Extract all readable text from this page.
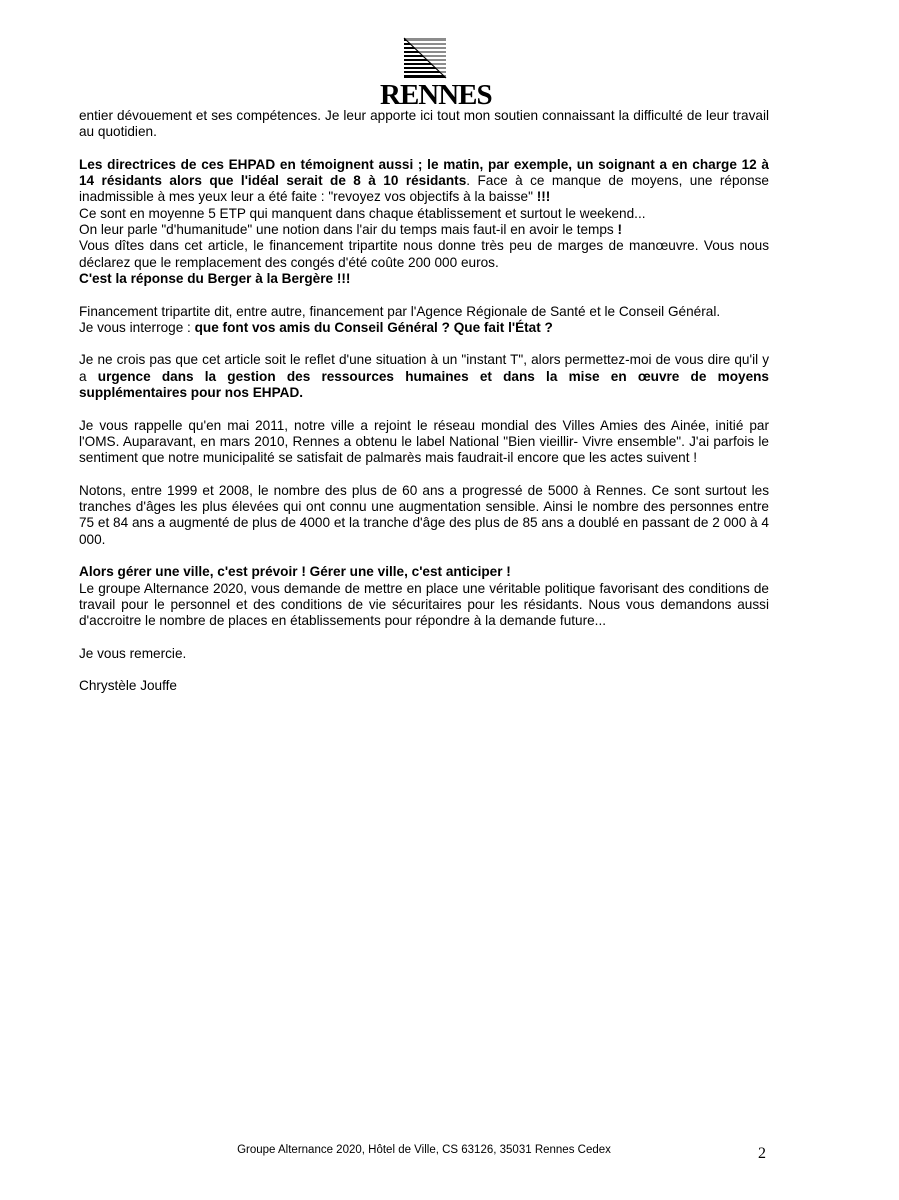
RENNES

entier dévouement et ses compétences. Je leur apporte ici tout mon soutien connaissant la difficulté de leur travail au quotidien.

Les directrices de ces EHPAD en témoignent aussi ; le matin, par exemple, un soignant a en charge 12 à 14 résidants alors que l'idéal serait de 8 à 10 résidants. Face à ce manque de moyens, une réponse inadmissible à mes yeux leur a été faite : "revoyez vos objectifs à la baisse" !!!

Ce sont en moyenne 5 ETP qui manquent dans chaque établissement et surtout le weekend...

On leur parle "d'humanitude" une notion dans l'air du temps mais faut-il en avoir le temps !

Vous dîtes dans cet article, le financement tripartite nous donne très peu de marges de manœuvre. Vous nous déclarez que le remplacement des congés d'été coûte 200 000 euros.

C'est la réponse du Berger à la Bergère !!!

Financement tripartite dit, entre autre, financement par l'Agence Régionale de Santé et le Conseil Général.

Je vous interroge : que font vos amis du Conseil Général ? Que fait l'État ?

Je ne crois pas que cet article soit le reflet d'une situation à un "instant T", alors permettez-moi de vous dire qu'il y a urgence dans la gestion des ressources humaines et dans la mise en œuvre de moyens supplémentaires pour nos EHPAD.

Je vous rappelle qu'en mai 2011, notre ville a rejoint le réseau mondial des Villes Amies des Ainée, initié par l'OMS. Auparavant, en mars 2010, Rennes a obtenu le label National "Bien vieillir- Vivre ensemble". J'ai parfois le sentiment que notre municipalité se satisfait de palmarès mais faudrait-il encore que les actes suivent !

Notons, entre 1999 et 2008, le nombre des plus de 60 ans a progressé de 5000 à Rennes. Ce sont surtout les tranches d'âges les plus élevées qui ont connu une augmentation sensible. Ainsi le nombre des personnes entre 75 et 84 ans a augmenté de plus de 4000 et la tranche d'âge des plus de 85 ans a doublé en passant de 2 000 à 4 000.

Alors gérer une ville, c'est prévoir ! Gérer une ville, c'est anticiper !

Le groupe Alternance 2020, vous demande de mettre en place une véritable politique favorisant des conditions de travail pour le personnel et des conditions de vie sécuritaires pour les résidants. Nous vous demandons aussi d'accroitre le nombre de places en établissements pour répondre à la demande future...

Je vous remercie.

Chrystèle Jouffe

Groupe Alternance 2020, Hôtel de Ville, CS 63126, 35031 Rennes Cedex	2
